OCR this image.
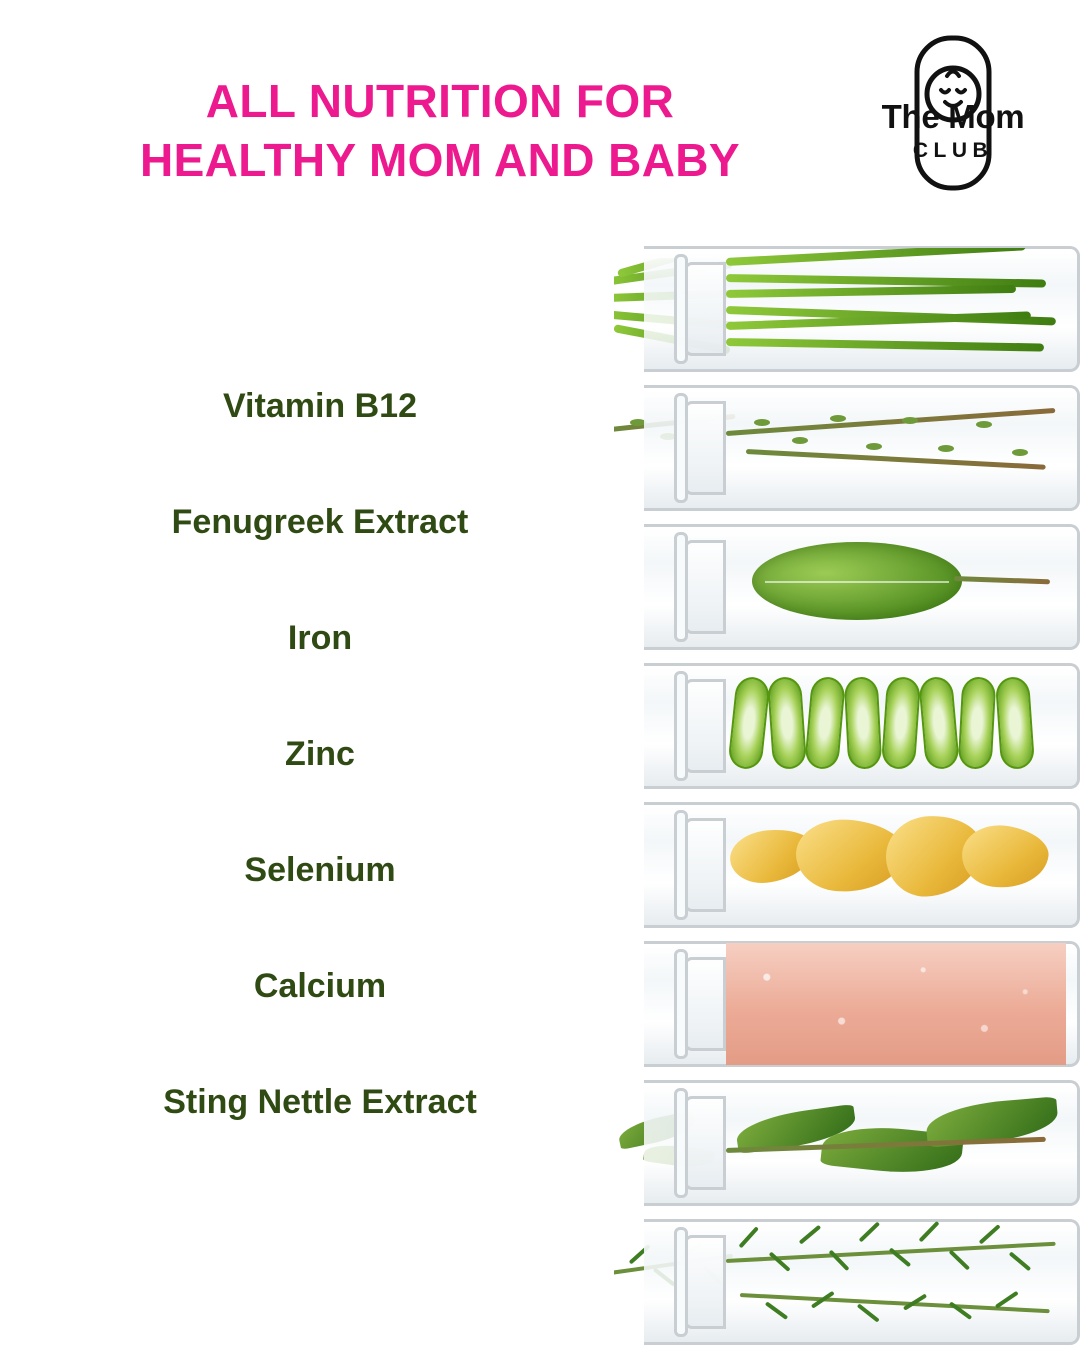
ALL NUTRITION FOR
HEALTHY MOM AND BABY
The Mom
CLUB
Vitamin B12
Fenugreek Extract
Iron
Zinc
Selenium
Calcium
Sting Nettle Extract
